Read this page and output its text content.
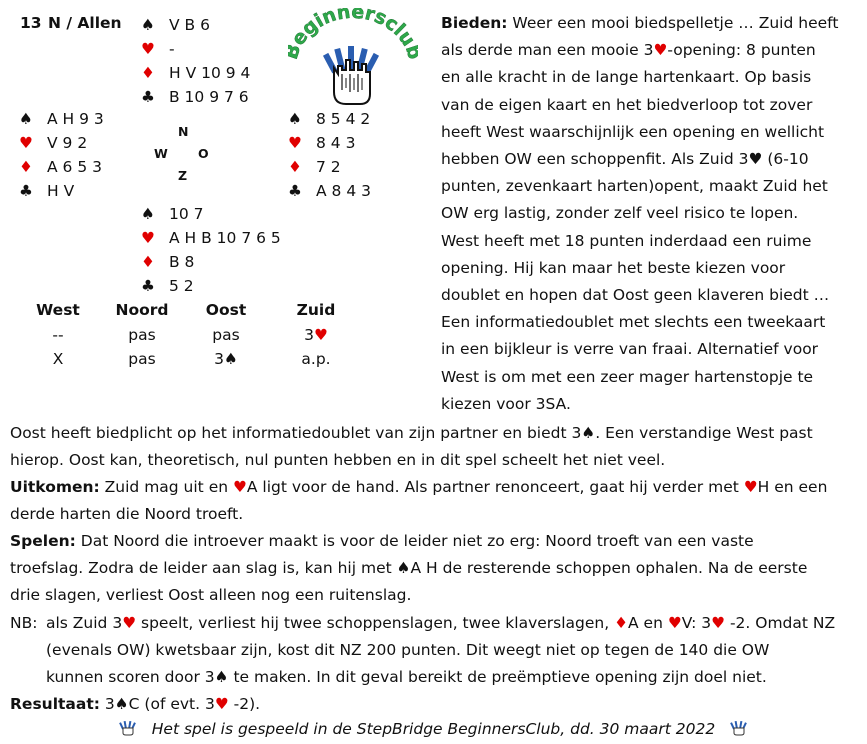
13 N / Allen ♠ V B 6
♥ -
♦ H V 10 9 4
♣ B 10 9 7 6
♠ A H 9 3
♥ V 9 2
♦ A 6 5 3
♣ H V
N
W O
Z
♠ 8 5 4 2
♥ 8 4 3
♦ 7 2
♣ A 8 4 3
♠ 10 7
♥ A H B 10 7 6 5
♦ B 8
♣ 5 2
eginnersclu
West	Noord	Oost	Zuid
--	pas	pas	3♥
X	pas	3♠	a.p.
Bieden: Weer een mooi biedspelletje … Zuid heeft
als derde man een mooie 3♥-opening: 8 punten
en alle kracht in de lange hartenkaart. Op basis
van de eigen kaart en het biedverloop tot zover
heeft West waarschijnlijk een opening en wellicht
hebben OW een schoppenfit. Als Zuid 3♥ (6-10
punten, zevenkaart harten)opent, maakt Zuid het
OW erg lastig, zonder zelf veel risico te lopen.
West heeft met 18 punten inderdaad een ruime
opening. Hij kan maar het beste kiezen voor
doublet en hopen dat Oost geen klaveren biedt …
Een informatiedoublet met slechts een tweekaart
in een bijkleur is verre van fraai. Alternatief voor
West is om met een zeer mager hartenstopje te
kiezen voor 3SA.
Oost heeft biedplicht op het informatiedoublet van zijn partner en biedt 3♠. Een verstandige West past
hierop. Oost kan, theoretisch, nul punten hebben en in dit spel scheelt het niet veel.
Uitkomen: Zuid mag uit en ♥A ligt voor de hand. Als partner renonceert, gaat hij verder met ♥H en een
derde harten die Noord troeft.
Spelen: Dat Noord die introever maakt is voor de leider niet zo erg: Noord troeft van een vaste
troefslag. Zodra de leider aan slag is, kan hij met ♠A H de resterende schoppen ophalen. Na de eerste
drie slagen, verliest Oost alleen nog een ruitenslag.
NB: als Zuid 3♥ speelt, verliest hij twee schoppenslagen, twee klaverslagen, ♦A en ♥V: 3♥ -2. Omdat NZ
(evenals OW) kwetsbaar zijn, kost dit NZ 200 punten. Dit weegt niet op tegen de 140 die OW
kunnen scoren door 3♠ te maken. In dit geval bereikt de preëmptieve opening zijn doel niet.
Resultaat: 3♠C (of evt. 3♥ -2).
Het spel is gespeeld in de StepBridge BeginnersClub, dd. 30 maart 2022
